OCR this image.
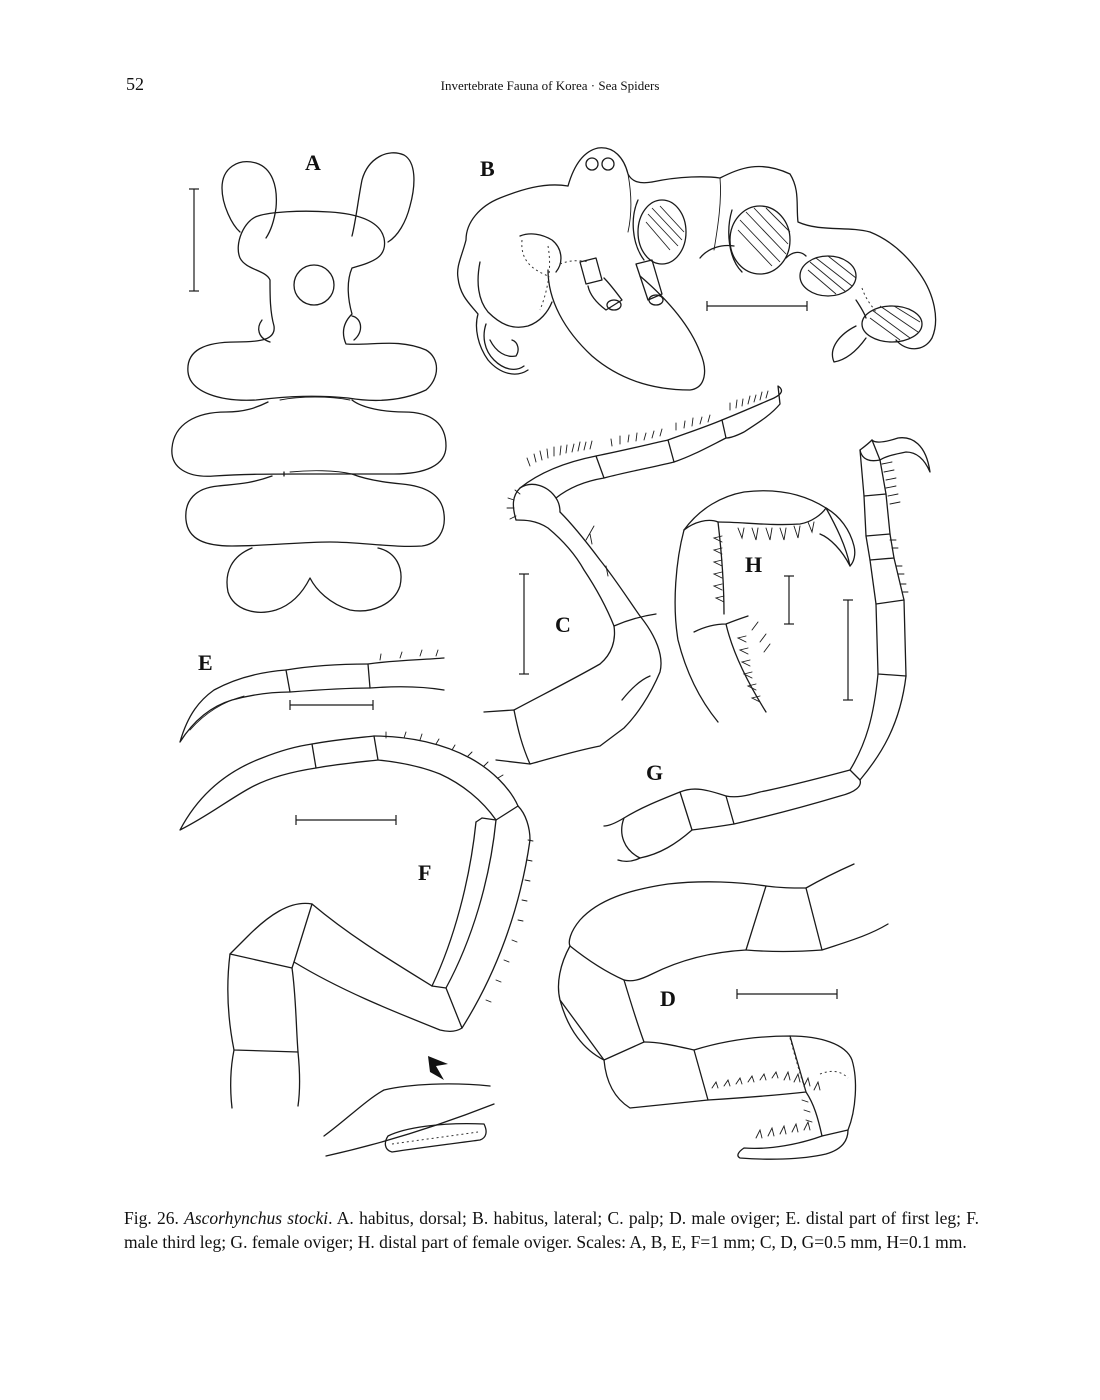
52	Invertebrate Fauna of Korea · Sea Spiders
A	B
C
H
G
E
F
D
Fig. 26. Ascorhynchus stocki. A. habitus, dorsal; B. habitus, lateral; C. palp; D. male oviger; E. distal part of first leg; F. male third leg; G. female oviger; H. distal part of female oviger. Scales: A, B, E, F=1 mm; C, D, G=0.5 mm, H=0.1 mm.
